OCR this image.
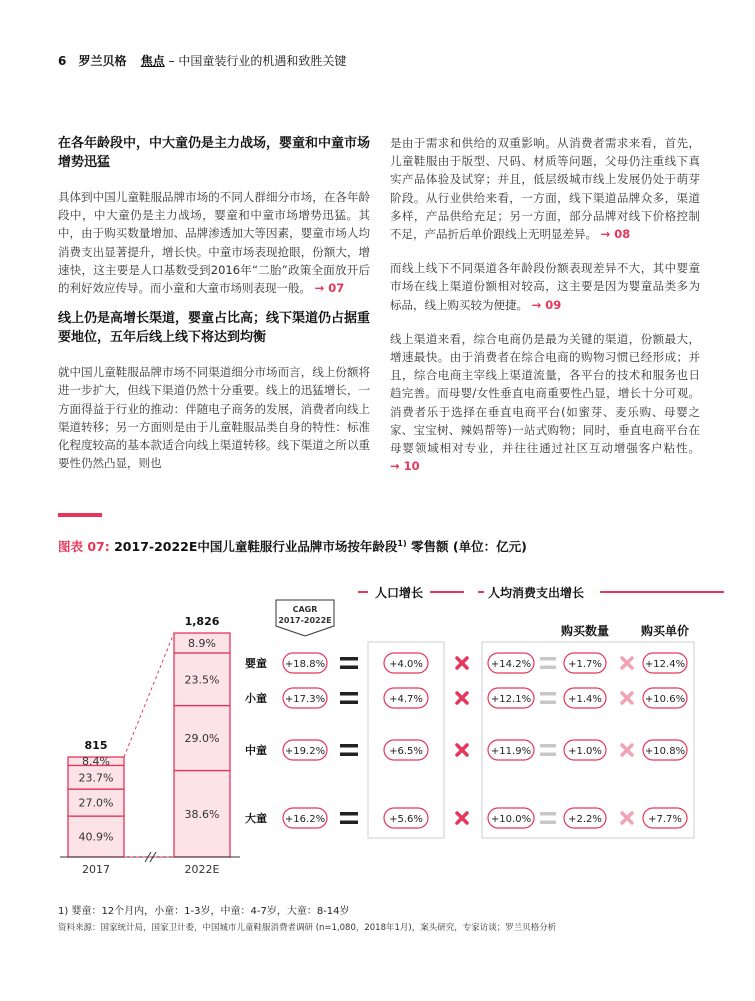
6 罗兰贝格 焦点 – 中国童装行业的机遇和致胜关键
在各年龄段中，中大童仍是主力战场，婴童和中童市场增势迅猛

具体到中国儿童鞋服品牌市场的不同人群细分市场，在各年龄段中，中大童仍是主力战场，婴童和中童市场增势迅猛。其中，由于购买数量增加、品牌渗透加大等因素，婴童市场人均消费支出显著提升，增长快。中童市场表现抢眼，份额大，增速快，这主要是人口基数受到2016年“二胎”政策全面放开后的利好效应传导。而小童和大童市场则表现一般。 → 07

线上仍是高增长渠道，婴童占比高；线下渠道仍占据重要地位，五年后线上线下将达到均衡

就中国儿童鞋服品牌市场不同渠道细分市场而言，线上份额将进一步扩大，但线下渠道仍然十分重要。线上的迅猛增长，一方面得益于行业的推动：伴随电子商务的发展，消费者向线上渠道转移；另一方面则是由于儿童鞋服品类自身的特性：标准化程度较高的基本款适合向线上渠道转移。线下渠道之所以重要性仍然凸显，则也

是由于需求和供给的双重影响。从消费者需求来看，首先，儿童鞋服由于版型、尺码、材质等问题，父母仍注重线下真实产品体验及试穿；并且，低层级城市线上发展仍处于萌芽阶段。从行业供给来看，一方面，线下渠道品牌众多，渠道多样，产品供给充足；另一方面，部分品牌对线下价格控制不足，产品折后单价跟线上无明显差异。 → 08

而线上线下不同渠道各年龄段份额表现差异不大，其中婴童市场在线上渠道份额相对较高，这主要是因为婴童品类多为标品，线上购买较为便捷。 → 09

线上渠道来看，综合电商仍是最为关键的渠道，份额最大，增速最快。由于消费者在综合电商的购物习惯已经形成；并且，综合电商主宰线上渠道流量，各平台的技术和服务也日趋完善。而母婴/女性垂直电商重要性凸显，增长十分可观。消费者乐于选择在垂直电商平台(如蜜芽、麦乐购、母婴之家、宝宝树、辣妈帮等)一站式购物；同时，垂直电商平台在母婴领域相对专业，并往往通过社区互动增强客户粘性。 → 10

图表 07: 2017-2022E中国儿童鞋服行业品牌市场按年龄段$^{1)}$ 零售额 (单位：亿元)
40.9%
27.0%
23.7%
8.4%
815
2017
38.6%
29.0%
23.5%
8.9%
1,826
2022E
CAGR
2017-2022E
人口增长	人均消费支出增长
购买数量	购买单价
婴童 +18.8%	+4.0%	+14.2%	+1.7%	+12.4%
小童 +17.3%	+4.7%	+12.1%	+1.4%	+10.6%
中童 +19.2%	+6.5%	+11.9%	+1.0%	+10.8%
大童 +16.2%	+5.6%	+10.0%	+2.2%	+7.7%
1) 婴童：12个月内，小童：1-3岁，中童：4-7岁，大童：8-14岁
资料来源：国家统计局，国家卫计委，中国城市儿童鞋服消费者调研 (n=1,080，2018年1月)，案头研究，专家访谈；罗兰贝格分析
